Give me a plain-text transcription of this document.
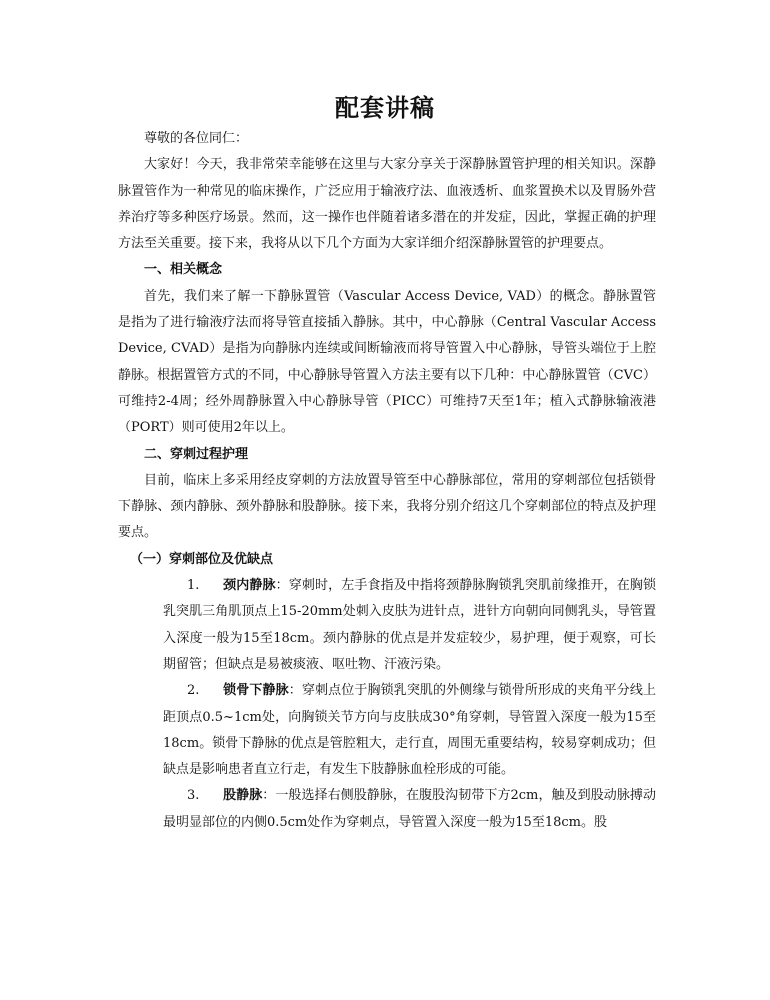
配套讲稿

尊敬的各位同仁：

大家好！今天，我非常荣幸能够在这里与大家分享关于深静脉置管护理的相关知识。深静脉置管作为一种常见的临床操作，广泛应用于输液疗法、血液透析、血浆置换术以及胃肠外营养治疗等多种医疗场景。然而，这一操作也伴随着诸多潜在的并发症，因此，掌握正确的护理方法至关重要。接下来，我将从以下几个方面为大家详细介绍深静脉置管的护理要点。

一、相关概念

首先，我们来了解一下静脉置管（Vascular Access Device, VAD）的概念。静脉置管是指为了进行输液疗法而将导管直接插入静脉。其中，中心静脉（Central Vascular Access Device, CVAD）是指为向静脉内连续或间断输液而将导管置入中心静脉，导管头端位于上腔静脉。根据置管方式的不同，中心静脉导管置入方法主要有以下几种：中心静脉置管（CVC）可维持2-4周；经外周静脉置入中心静脉导管（PICC）可维持7天至1年；植入式静脉输液港（PORT）则可使用2年以上。

二、穿刺过程护理

目前，临床上多采用经皮穿刺的方法放置导管至中心静脉部位，常用的穿刺部位包括锁骨下静脉、颈内静脉、颈外静脉和股静脉。接下来，我将分别介绍这几个穿刺部位的特点及护理要点。

（一）穿刺部位及优缺点

1. 颈内静脉：穿刺时，左手食指及中指将颈静脉胸锁乳突肌前缘推开，在胸锁乳突肌三角肌顶点上15-20mm处刺入皮肤为进针点，进针方向朝向同侧乳头，导管置入深度一般为15至18cm。颈内静脉的优点是并发症较少，易护理，便于观察，可长期留管；但缺点是易被痰液、呕吐物、汗液污染。

2. 锁骨下静脉：穿刺点位于胸锁乳突肌的外侧缘与锁骨所形成的夹角平分线上距顶点0.5~1cm处，向胸锁关节方向与皮肤成30°角穿刺，导管置入深度一般为15至18cm。锁骨下静脉的优点是管腔粗大，走行直，周围无重要结构，较易穿刺成功；但缺点是影响患者直立行走，有发生下肢静脉血栓形成的可能。

3. 股静脉：一般选择右侧股静脉，在腹股沟韧带下方2cm，触及到股动脉搏动最明显部位的内侧0.5cm处作为穿刺点，导管置入深度一般为15至18cm。股
